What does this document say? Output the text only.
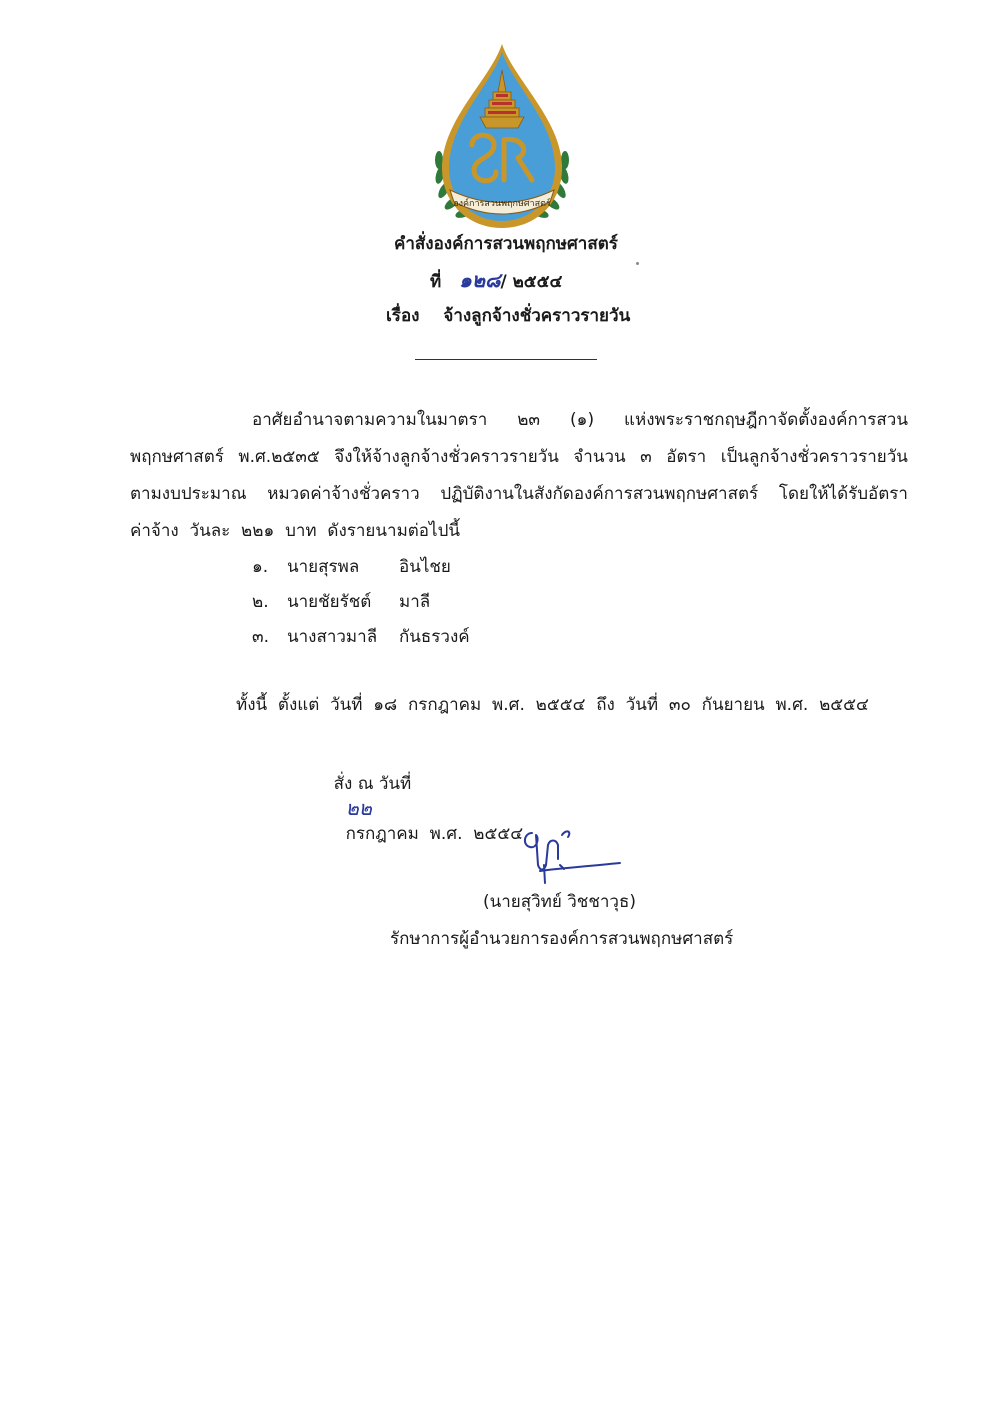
องค์การสวนพฤกษศาสตร์
คำสั่งองค์การสวนพฤกษศาสตร์
ที่ ๑๒๘/ ๒๕๕๔
เรื่อง จ้างลูกจ้างชั่วคราวรายวัน
อาศัยอำนาจตามความในมาตรา ๒๓ (๑) แห่งพระราชกฤษฎีกาจัดตั้งองค์การสวน
พฤกษศาสตร์ พ.ศ.๒๕๓๕ จึงให้จ้างลูกจ้างชั่วคราวรายวัน จำนวน ๓ อัตรา เป็นลูกจ้างชั่วคราวรายวัน
ตามงบประมาณ หมวดค่าจ้างชั่วคราว ปฏิบัติงานในสังกัดองค์การสวนพฤกษศาสตร์ โดยให้ได้รับอัตรา
ค่าจ้าง  วันละ  ๒๒๑  บาท  ดังรายนามต่อไปนี้
๑. นายสุรพล อินไชย
๒. นายชัยรัชต์ มาลี
๓. นางสาวมาลี กันธรวงค์
ทั้งนี้  ตั้งแต่  วันที่  ๑๘  กรกฎาคม  พ.ศ.  ๒๕๕๔  ถึง  วันที่  ๓๐  กันยายน  พ.ศ.  ๒๕๕๔

สั่ง ณ วันที่
๒๒
กรกฎาคม  พ.ศ.  ๒๕๕๔

(นายสุวิทย์ วิชชาวุธ)
รักษาการผู้อำนวยการองค์การสวนพฤกษศาสตร์
